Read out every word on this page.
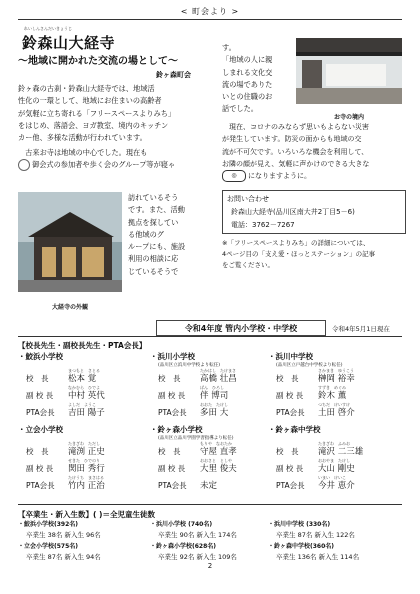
< 町会より >
れいしんさんだいきょうじ
鈴森山大経寺
～地域に開かれた交流の場として～
鈴ヶ森町会
鈴ヶ森の古刹・鈴森山大経寺では、地域活
性化の一環として、地域にお住まいの高齢者
が気軽に立ち寄れる「フリースペースよりみち」
をはじめ、落語会、ヨガ教室、境内のキッチン
カー他、多様な活動が行われています。
　古来お寺は地域の中心でした。現在も
御会式の参加者や歩く会のグループ等が寝ゃ
大経寺の外観
訪れているそう
です。また、活動
拠点を探してい
る他域のグ
ループにも、施設
利用の相談に応
じているそうで
す。
「地域の人に親
しまれる文化交
流の場でありた
いとの住職のお
話でした。
お寺の境内
　現在、コロナのみならず思いもよらない災害
が発生しています。防災の面からも地域の交
流が不可欠です。いろいろな機会を利用して、
お隣の顔が見え、気軽に声かけのできる大きな
◎ になりますように。
お問い合わせ
鈴森山大経寺(品川区南大井2丁目5－6)
電話：3762－7267
※「フリースペースよりみち」の詳細については、
4ページ目の「支え愛・ほっとステーション」の記事
をご覧ください。
令和4年度 管内小学校・中学校	令和4年5月1日現在
【校長先生・副校長先生・PTA会長】
・鮫浜小学校
まつもと　さとる
校　長 松本 覚
なかむら　ひでよ
副 校 長 中村 英代
よしだ　ようこ
PTA会長 吉田 陽子
・浜川小学校
(品川区立浜川中学校より転任)
たかはし　たけまさ
校　長 高橋 壮昌
ばん　ひろし
副 校 長 伴 博司
おおた　たけし
PTA会長 多田 大
・浜川中学校
(品川区立戸越台中学校より転任)
さかまき　ゆうこう
校　長 榊岡 裕幸
すずき　めぐみ
副 校 長 鈴木 薫
つちだ　けいすけ
PTA会長 土田 啓介
・立会小学校
たきざわ　ただし
校　長 滝渕 正史
せきた　ひでのり
副 校 長 関田 秀行
たけうち　まさはる
PTA会長 竹内 正治
・鈴ヶ森小学校
(品川区立品川学園学習指導より転任)
もりや　なおたか
校　長 守屋 直孝
おおさと　としや
副 校 長 大里 俊夫
PTA会長 未定
・鈴ヶ森中学校
たきざわ　ふみお
校　長 滝沢 二三雄
おおやま　たけし
副 校 長 大山 剛史
いまい　けいこ
PTA会長 今井 恵介
【卒業生・新入生数】( )＝全児童生徒数
・鮫浜小学校(392名)
卒業生 38名 新入生 96名
・浜川小学校 (740名)
卒業生 90名 新入生 174名
・浜川中学校 (330名)
卒業生 87名 新入生 122名
・立会小学校(575名)
卒業生 87名 新入生 94名
・鈴ヶ森小学校(628名)
卒業生 92名 新入生 109名
・鈴ヶ森中学校(360名)
卒業生 136名 新入生 114名
2
